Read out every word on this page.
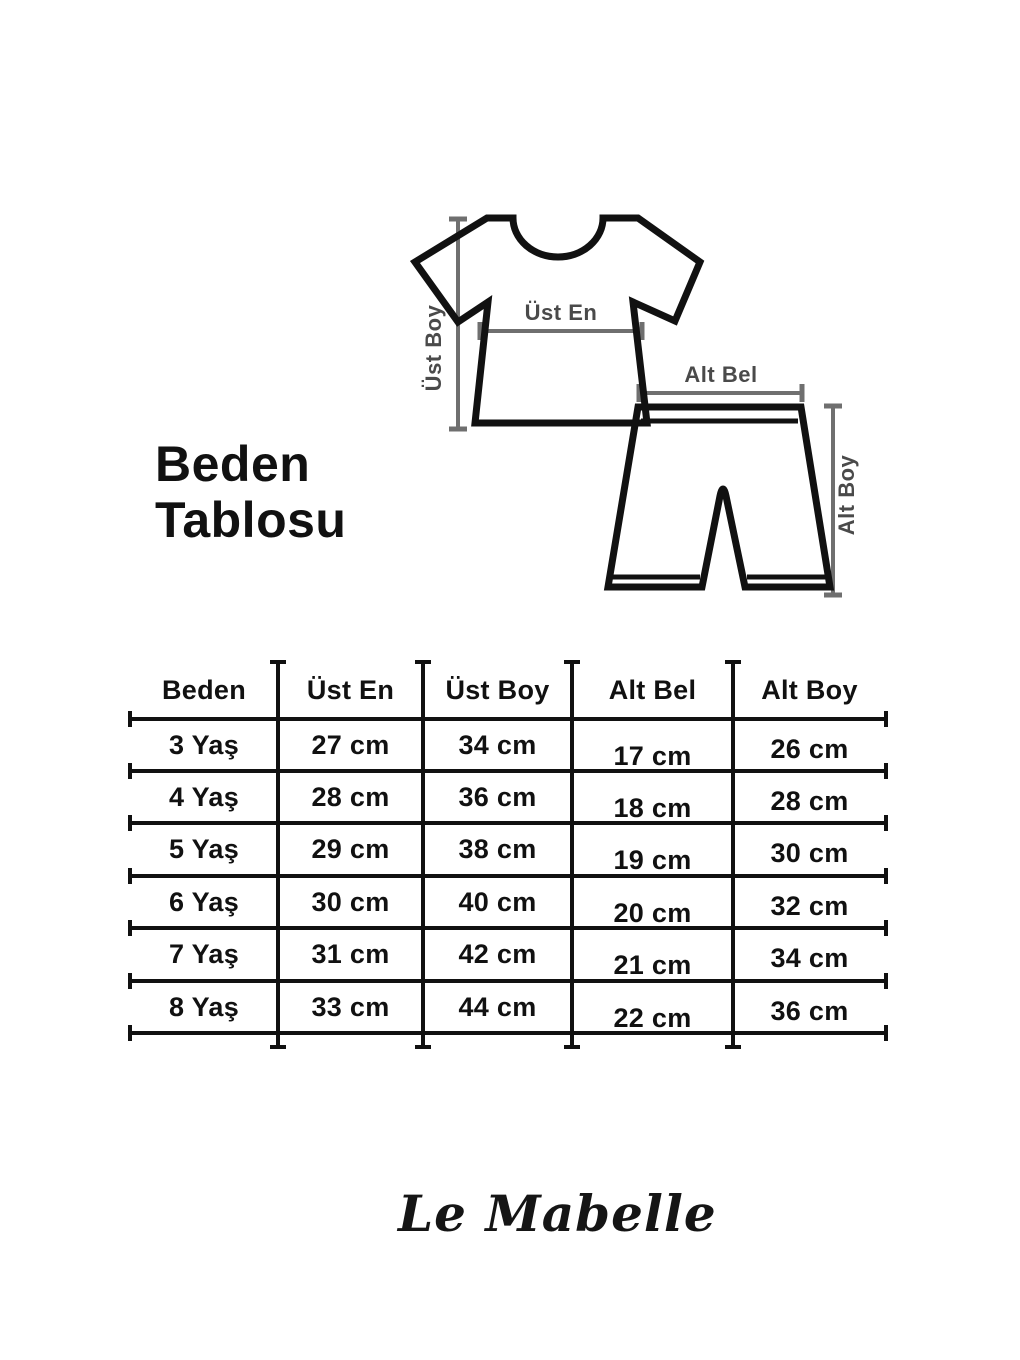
Üst En
Alt Bel
Üst Boy
Alt Boy
Beden
Tablosu
Beden	Üst En	Üst Boy	Alt Bel	Alt Boy
3 Yaş	27 cm	34 cm	17 cm	26 cm
4 Yaş	28 cm	36 cm	18 cm	28 cm
5 Yaş	29 cm	38 cm	19 cm	30 cm
6 Yaş	30 cm	40 cm	20 cm	32 cm
7 Yaş	31 cm	42 cm	21 cm	34 cm
8 Yaş	33 cm	44 cm	22 cm	36 cm
Le Mabelle
